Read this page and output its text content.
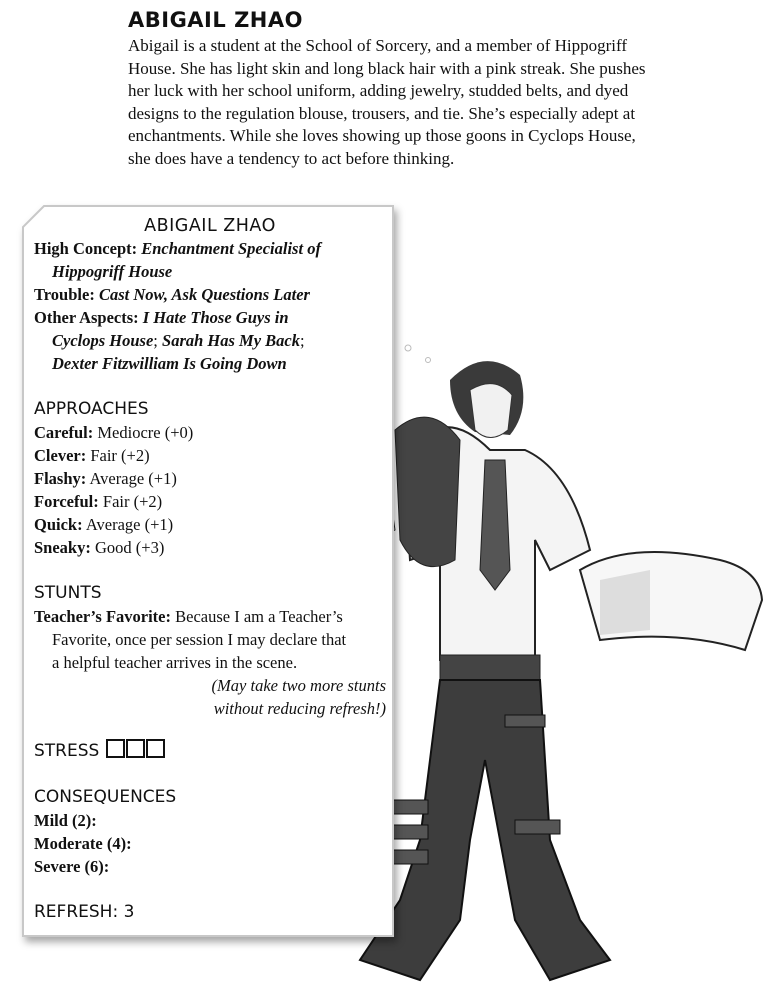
ABIGAIL ZHAO
Abigail is a student at the School of Sorcery, and a member of Hippogriff
House. She has light skin and long black hair with a pink streak. She pushes
her luck with her school uniform, adding jewelry, studded belts, and dyed
designs to the regulation blouse, trousers, and tie. She’s especially adept at
enchantments. While she loves showing up those goons in Cyclops House,
she does have a tendency to act before thinking.
ABIGAIL ZHAO
High Concept: Enchantment Specialist of
Hippogriff House
Trouble: Cast Now, Ask Questions Later
Other Aspects: I Hate Those Guys in
Cyclops House; Sarah Has My Back;
Dexter Fitzwilliam Is Going Down
APPROACHES
Careful: Mediocre (+0)
Clever: Fair (+2)
Flashy: Average (+1)
Forceful: Fair (+2)
Quick: Average (+1)
Sneaky: Good (+3)
STUNTS
Teacher’s Favorite: Because I am a Teacher’s
Favorite, once per session I may declare that
a helpful teacher arrives in the scene.
(May take two more stunts
without reducing refresh!)
STRESS
CONSEQUENCES
Mild (2):
Moderate (4):
Severe (6):
REFRESH: 3
